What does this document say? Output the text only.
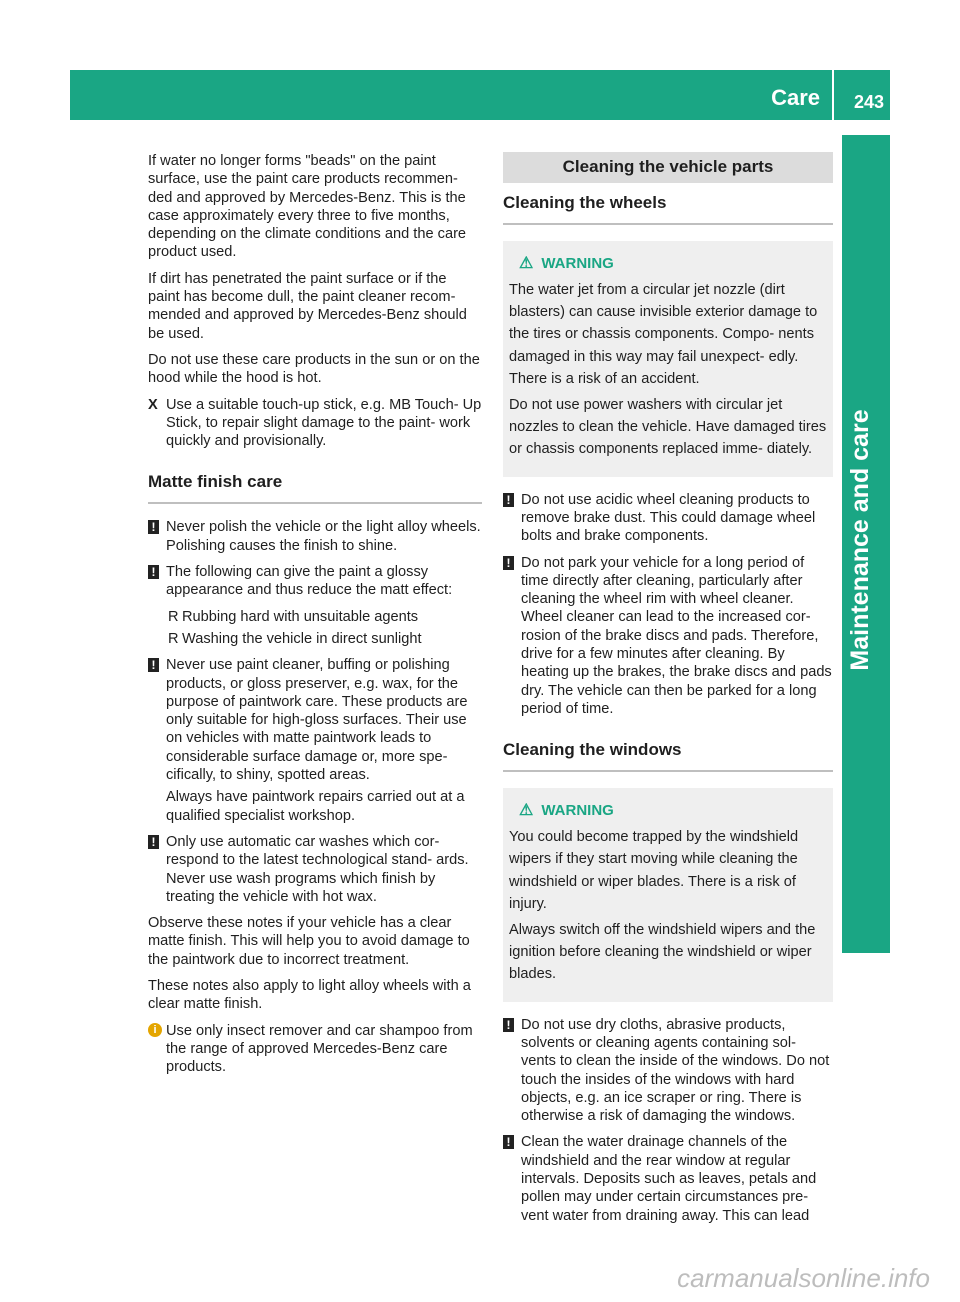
Care 243
Maintenance and care

If water no longer forms "beads" on the paint surface, use the paint care products recommen- ded and approved by Mercedes-Benz. This is the case approximately every three to five months, depending on the climate conditions and the care product used.

If dirt has penetrated the paint surface or if the paint has become dull, the paint cleaner recom- mended and approved by Mercedes-Benz should be used.

Do not use these care products in the sun or on the hood while the hood is hot.

X Use a suitable touch-up stick, e.g. MB Touch- Up Stick, to repair slight damage to the paint- work quickly and provisionally.

Matte finish care

! Never polish the vehicle or the light alloy wheels. Polishing causes the finish to shine.

! The following can give the paint a glossy appearance and thus reduce the matt effect:

R Rubbing hard with unsuitable agents

R Washing the vehicle in direct sunlight

! Never use paint cleaner, buffing or polishing products, or gloss preserver, e.g. wax, for the purpose of paintwork care. These products are only suitable for high-gloss surfaces. Their use on vehicles with matte paintwork leads to considerable surface damage or, more spe- cifically, to shiny, spotted areas.

Always have paintwork repairs carried out at a qualified specialist workshop.

! Only use automatic car washes which cor- respond to the latest technological stand- ards. Never use wash programs which finish by treating the vehicle with hot wax.

Observe these notes if your vehicle has a clear matte finish. This will help you to avoid damage to the paintwork due to incorrect treatment.

These notes also apply to light alloy wheels with a clear matte finish.

i Use only insect remover and car shampoo from the range of approved Mercedes-Benz care products.

Cleaning the vehicle parts
Cleaning the wheels
⚠ WARNING

The water jet from a circular jet nozzle (dirt blasters) can cause invisible exterior damage to the tires or chassis components. Compo- nents damaged in this way may fail unexpect- edly. There is a risk of an accident.

Do not use power washers with circular jet nozzles to clean the vehicle. Have damaged tires or chassis components replaced imme- diately.

! Do not use acidic wheel cleaning products to remove brake dust. This could damage wheel bolts and brake components.

! Do not park your vehicle for a long period of time directly after cleaning, particularly after cleaning the wheel rim with wheel cleaner. Wheel cleaner can lead to the increased cor- rosion of the brake discs and pads. Therefore, drive for a few minutes after cleaning. By heating up the brakes, the brake discs and pads dry. The vehicle can then be parked for a long period of time.

Cleaning the windows
⚠ WARNING

You could become trapped by the windshield wipers if they start moving while cleaning the windshield or wiper blades. There is a risk of injury.

Always switch off the windshield wipers and the ignition before cleaning the windshield or wiper blades.

! Do not use dry cloths, abrasive products, solvents or cleaning agents containing sol- vents to clean the inside of the windows. Do not touch the insides of the windows with hard objects, e.g. an ice scraper or ring. There is otherwise a risk of damaging the windows.

! Clean the water drainage channels of the windshield and the rear window at regular intervals. Deposits such as leaves, petals and pollen may under certain circumstances pre- vent water from draining away. This can lead

carmanualsonline.info
